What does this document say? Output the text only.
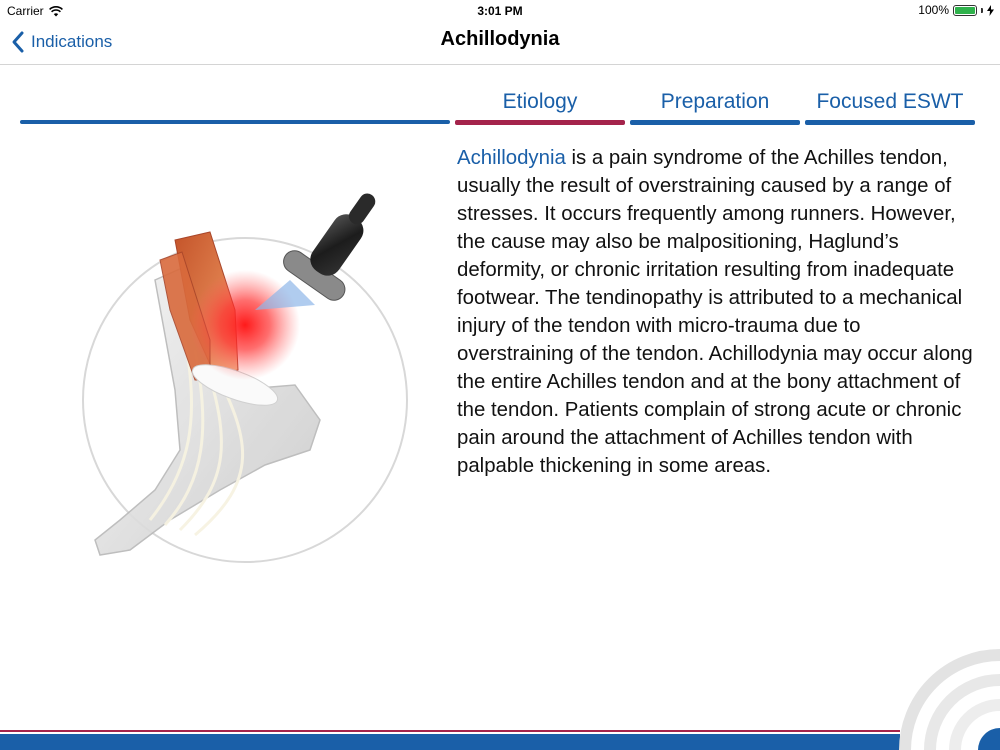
Carrier	3:01 PM	100%
Indications	Achillodynia
Etiology	Preparation	Focused ESWT
Achillodynia is a pain syndrome of the Achilles tendon, usually the result of overstraining caused by a range of stresses. It occurs frequently among runners. However, the cause may also be malpositioning, Haglund’s deformity, or chronic irritation resulting from inadequate footwear. The tendinopathy is attributed to a mechanical injury of the tendon with micro-trauma due to overstraining of the tendon. Achillodynia may occur along the entire Achilles tendon and at the bony attachment of the tendon. Patients complain of strong acute or chronic pain around the attachment of Achilles tendon with palpable thickening in some areas.
